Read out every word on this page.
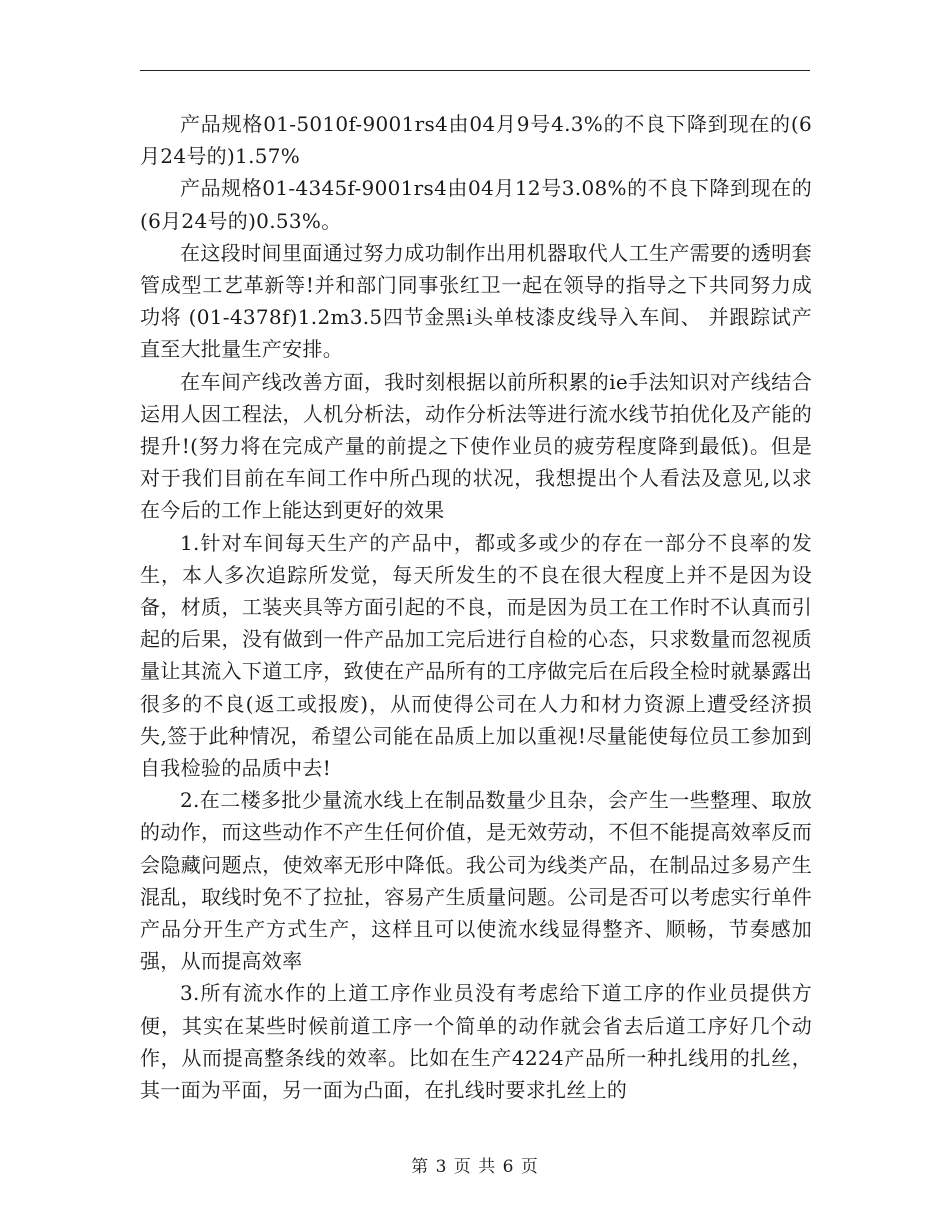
产品规格01-5010f-9001rs4由04月9号4.3%的不良下降到现在的(6月24号的)1.57%

产品规格01-4345f-9001rs4由04月12号3.08%的不良下降到现在的(6月24号的)0.53%。

在这段时间里面通过努力成功制作出用机器取代人工生产需要的透明套管成型工艺革新等!并和部门同事张红卫一起在领导的指导之下共同努力成功将 (01-4378f)1.2m3.5四节金黑i头单枝漆皮线导入车间、 并跟踪试产直至大批量生产安排。

在车间产线改善方面，我时刻根据以前所积累的ie手法知识对产线结合运用人因工程法，人机分析法，动作分析法等进行流水线节拍优化及产能的提升!(努力将在完成产量的前提之下使作业员的疲劳程度降到最低)。但是对于我们目前在车间工作中所凸现的状况，我想提出个人看法及意见,以求在今后的工作上能达到更好的效果

1.针对车间每天生产的产品中，都或多或少的存在一部分不良率的发生，本人多次追踪所发觉，每天所发生的不良在很大程度上并不是因为设备，材质，工装夹具等方面引起的不良，而是因为员工在工作时不认真而引起的后果，没有做到一件产品加工完后进行自检的心态，只求数量而忽视质量让其流入下道工序，致使在产品所有的工序做完后在后段全检时就暴露出很多的不良(返工或报废)，从而使得公司在人力和材力资源上遭受经济损失,签于此种情况，希望公司能在品质上加以重视!尽量能使每位员工参加到自我检验的品质中去!

2.在二楼多批少量流水线上在制品数量少且杂，会产生一些整理、取放的动作，而这些动作不产生任何价值，是无效劳动，不但不能提高效率反而会隐藏问题点，使效率无形中降低。我公司为线类产品，在制品过多易产生混乱，取线时免不了拉扯，容易产生质量问题。公司是否可以考虑实行单件产品分开生产方式生产，这样且可以使流水线显得整齐、顺畅，节奏感加强，从而提高效率

3.所有流水作的上道工序作业员没有考虑给下道工序的作业员提供方便，其实在某些时候前道工序一个简单的动作就会省去后道工序好几个动作，从而提高整条线的效率。比如在生产4224产品所一种扎线用的扎丝，其一面为平面，另一面为凸面，在扎线时要求扎丝上的

第 3 页 共 6 页
